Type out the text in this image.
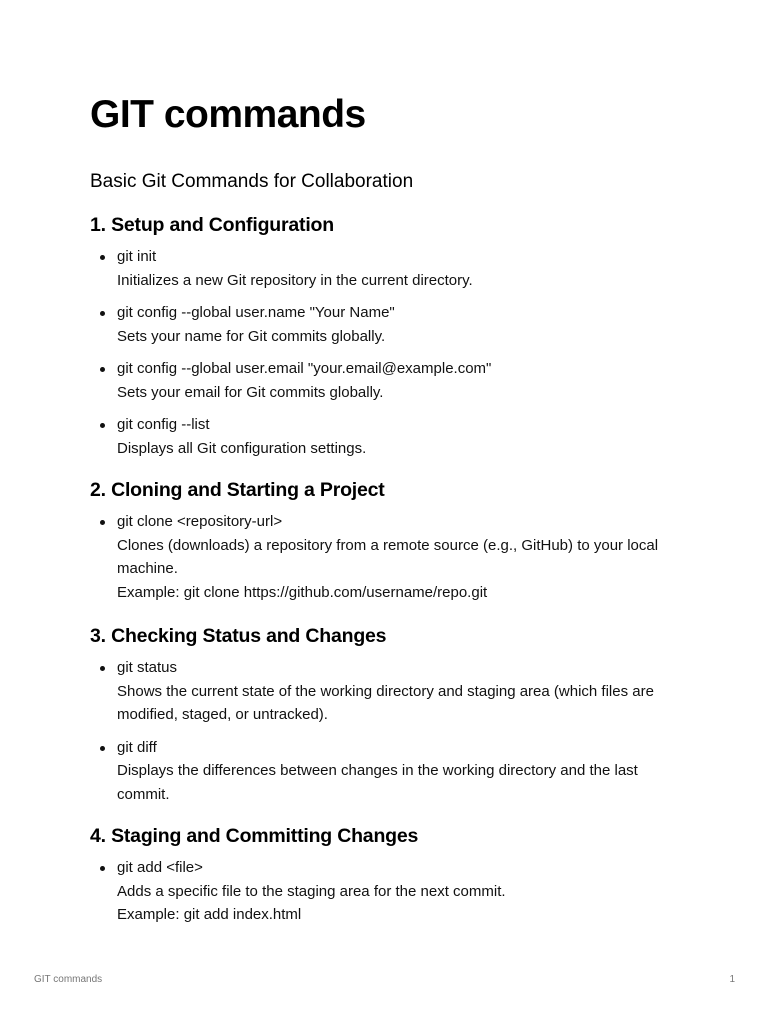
GIT commands
Basic Git Commands for Collaboration
1. Setup and Configuration
git init
Initializes a new Git repository in the current directory.
git config --global user.name "Your Name"
Sets your name for Git commits globally.
git config --global user.email "your.email@example.com"
Sets your email for Git commits globally.
git config --list
Displays all Git configuration settings.
2. Cloning and Starting a Project
git clone <repository-url>
Clones (downloads) a repository from a remote source (e.g., GitHub) to your local machine.
Example: git clone https://github.com/username/repo.git
3. Checking Status and Changes
git status
Shows the current state of the working directory and staging area (which files are modified, staged, or untracked).
git diff
Displays the differences between changes in the working directory and the last commit.
4. Staging and Committing Changes
git add <file>
Adds a specific file to the staging area for the next commit.
Example: git add index.html
GIT commands	1
